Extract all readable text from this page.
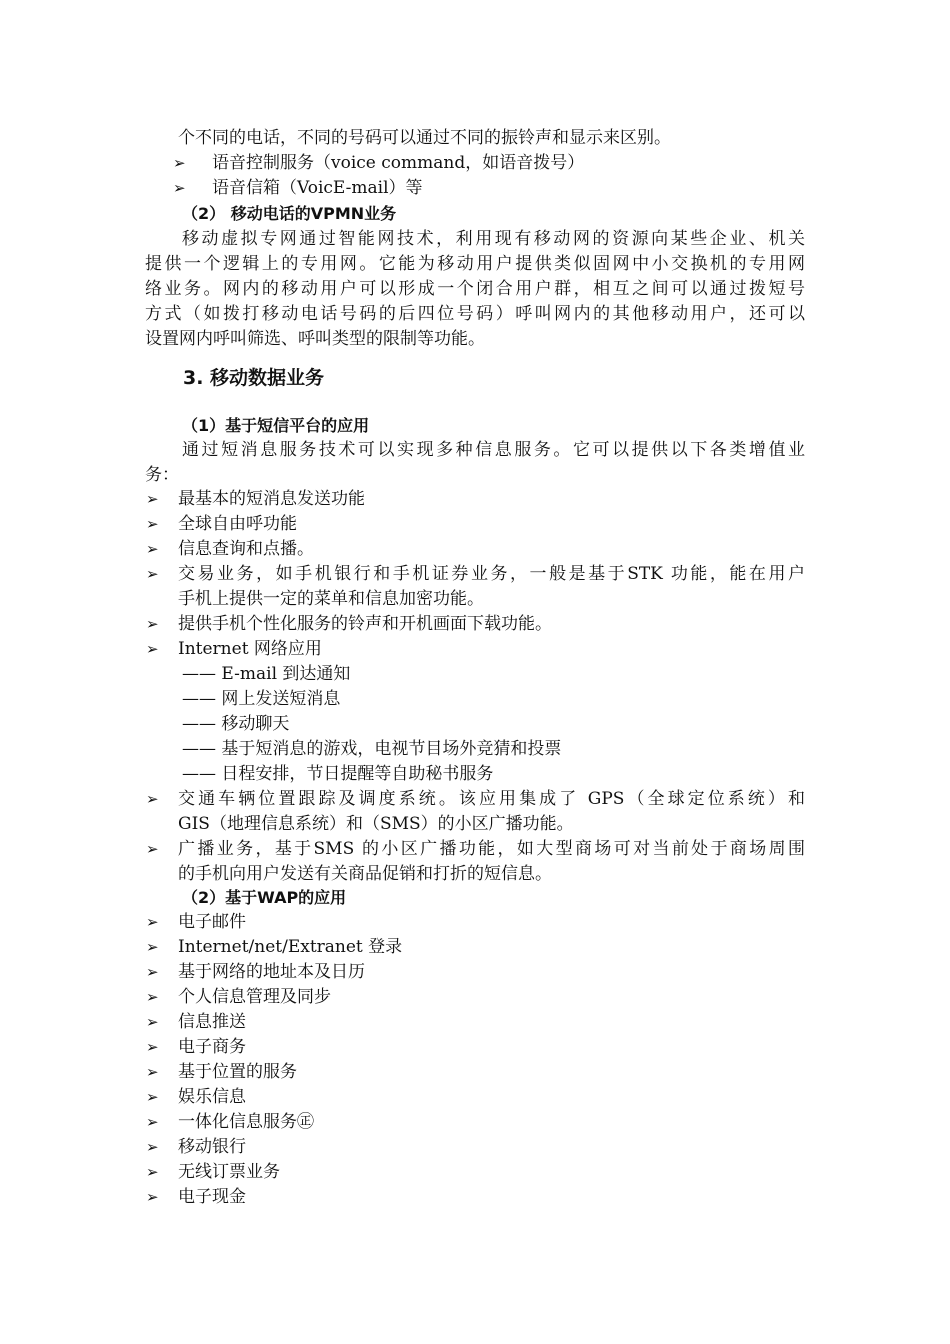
个不同的电话，不同的号码可以通过不同的振铃声和显示来区别。
➢ 语音控制服务（voice command，如语音拨号）
➢ 语音信箱（VoicE-mail）等
（2） 移动电话的VPMN业务
移动虚拟专网通过智能网技术，利用现有移动网的资源向某些企业、机关
提供一个逻辑上的专用网。它能为移动用户提供类似固网中小交换机的专用网
络业务。网内的移动用户可以形成一个闭合用户群，相互之间可以通过拨短号
方式（如拨打移动电话号码的后四位号码）呼叫网内的其他移动用户，还可以
设置网内呼叫筛选、呼叫类型的限制等功能。
3. 移动数据业务
（1）基于短信平台的应用
通过短消息服务技术可以实现多种信息服务。它可以提供以下各类增值业
务：
➢ 最基本的短消息发送功能
➢ 全球自由呼功能
➢ 信息查询和点播。
➢ 交易业务，如手机银行和手机证券业务，一般是基于STK 功能，能在用户
手机上提供一定的菜单和信息加密功能。
➢ 提供手机个性化服务的铃声和开机画面下载功能。
➢ Internet 网络应用
—— E-mail 到达通知
—— 网上发送短消息
—— 移动聊天
—— 基于短消息的游戏，电视节目场外竞猜和投票
—— 日程安排，节日提醒等自助秘书服务
➢ 交通车辆位置跟踪及调度系统。该应用集成了 GPS（全球定位系统）和
GIS（地理信息系统）和（SMS）的小区广播功能。
➢ 广播业务，基于SMS 的小区广播功能，如大型商场可对当前处于商场周围
的手机向用户发送有关商品促销和打折的短信息。
（2）基于WAP的应用
➢ 电子邮件
➢ Internet/net/Extranet 登录
➢ 基于网络的地址本及日历
➢ 个人信息管理及同步
➢ 信息推送
➢ 电子商务
➢ 基于位置的服务
➢ 娱乐信息
➢ 一体化信息服务㊣
➢ 移动银行
➢ 无线订票业务
➢ 电子现金
